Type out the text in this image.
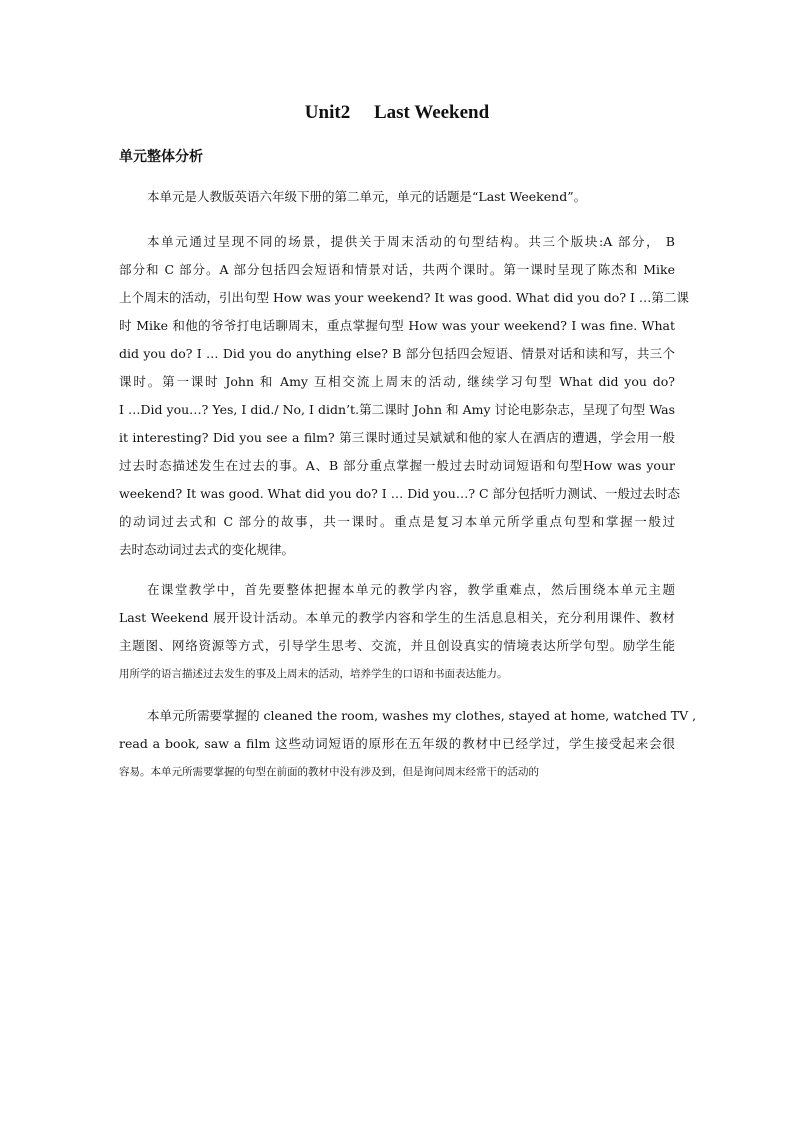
Unit2     Last Weekend
单元整体分析
本单元是人教版英语六年级下册的第二单元，单元的话题是“Last Weekend”。
本单元通过呈现不同的场景，提供关于周末活动的句型结构。共三个版块:A 部分， B
部分和 C 部分。A 部分包括四会短语和情景对话，共两个课时。第一课时呈现了陈杰和 Mike
上个周末的活动，引出句型 How was your weekend? It was good. What did you do? I …第二课
时 Mike 和他的爷爷打电话聊周末，重点掌握句型 How was your weekend? I was fine. What
did you do? I … Did you do anything else? B 部分包括四会短语、情景对话和读和写，共三个
课时。第一课时 John 和 Amy 互相交流上周末的活动, 继续学习句型 What did you do?
I …Did you…? Yes, I did./ No, I didn’t.第二课时 John 和 Amy 讨论电影杂志，呈现了句型 Was
it interesting? Did you see a film? 第三课时通过吴斌斌和他的家人在酒店的遭遇，学会用一般
过去时态描述发生在过去的事。A、B 部分重点掌握一般过去时动词短语和句型How was your
weekend? It was good. What did you do? I … Did you…? C 部分包括听力测试、一般过去时态
的动词过去式和 C 部分的故事，共一课时。重点是复习本单元所学重点句型和掌握一般过
去时态动词过去式的变化规律。
在课堂教学中，首先要整体把握本单元的教学内容，教学重难点，然后围绕本单元主题
Last Weekend 展开设计活动。本单元的教学内容和学生的生活息息相关，充分利用课件、教材
主题图、网络资源等方式，引导学生思考、交流，并且创设真实的情境表达所学句型。励学生能
用所学的语言描述过去发生的事及上周末的活动，培养学生的口语和书面表达能力。
本单元所需要掌握的 cleaned the room, washes my clothes, stayed at home, watched TV ,
read a book, saw a film 这些动词短语的原形在五年级的教材中已经学过，学生接受起来会很
容易。本单元所需要掌握的句型在前面的教材中没有涉及到，但是询问周末经常干的活动的
